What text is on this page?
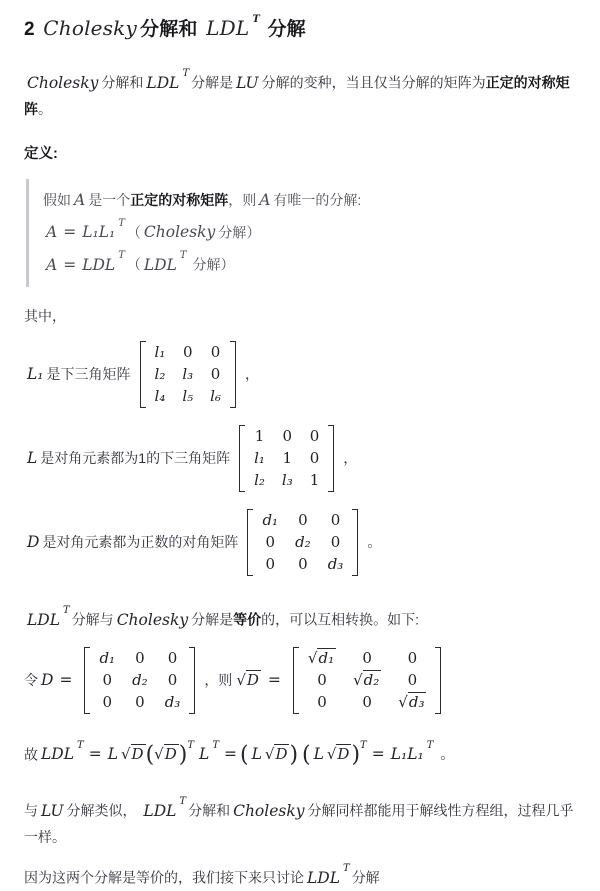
2 Cholesky 分解和 LDL $^T$ 分解

Cholesky 分解和 $LDL^T$分解是 LU 分解的变种，当且仅当分解的矩阵为正定的对称矩阵。

定义:

假如 A 是一个正定的对称矩阵，则 A 有唯一的分解:
A = L₁L₁$^T$（ Cholesky 分解）
$A = LDL^T$（ $LDL^T$ 分解）

其中，

L₁ 是下三角矩阵
l₁ 0 0
l₂ l₃ 0
l₄ l₅ l₆
，
L 是对角元素都为1的下三角矩阵
1 0 0
l₁ 1 0
l₂ l₃ 1
，
D 是对角元素都为正数的对角矩阵
d₁ 0 0
0 d₂ 0
0 0 d₃
。

$LDL^T$分解与 Cholesky 分解是等价的，可以互相转换。如下:

令 D =
d₁ 0 0
0 d₂ 0
0 0 d₃
，则 √D =
√d₁ 0 0
0 √d₂ 0
0 0 √d₃
故 $LDL^T= L$ $√D(√D)^TL^T=$ ( L √D) ( L √D)$^T$= L₁L₁$^T$。

与 LU 分解类似， $LDL^T$分解和 Cholesky 分解同样都能用于解线性方程组，过程几乎一样。

因为这两个分解是等价的，我们接下来只讨论 $LDL^T$分解
